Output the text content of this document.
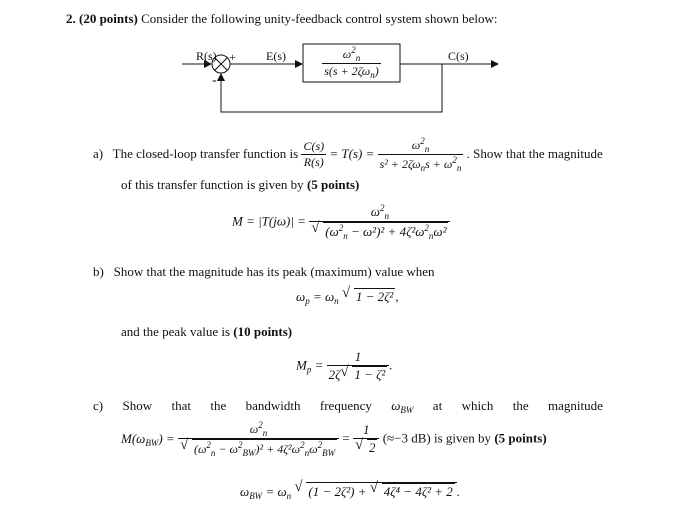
2. (20 points) Consider the following unity-feedback control system shown below:
R(s) +
-
E(s)	C(s)
$\omega^2_n$
$s(s + 2\zeta\omega_n)$
a) The closed-loop transfer function is $\frac{C(s)}{R(s)} = T(s)$ =
$\omega^2_n$
$s^2 + 2\zeta\omega_ns + \omega^2_n$
. Show that the magnitude
of this transfer function is given by (5 points)
$M = |T(j\omega)| = \omega^2_n$
√ $(\omega^2_n - \omega^2)^2 + 4\zeta^2\omega^2_n\omega^2$
b) Show that the magnitude has its peak (maximum) value when
$\omega_p = \omega_n$ √ 1 − 2ζ² ,
and the peak value is (10 points)
$M_p = \frac{1}{\text{2ζ √ 1 − ζ²}}$ .
c) Show that the bandwidth frequency $\omega_{BW}$ at which the magnitude
$M(\omega_{BW}) = \omega^2_n$
√ $(\omega^2_n - \omega^2_{BW})^2 + 4\zeta^2\omega^2_n\omega^2_{BW} = 1$
√ 2 (≈−3 dB) is given by (5 points)
$\omega_{BW} = \omega_n$ √ (1 − 2ζ²) + √ 4ζ⁴ − 4ζ² + 2 .
